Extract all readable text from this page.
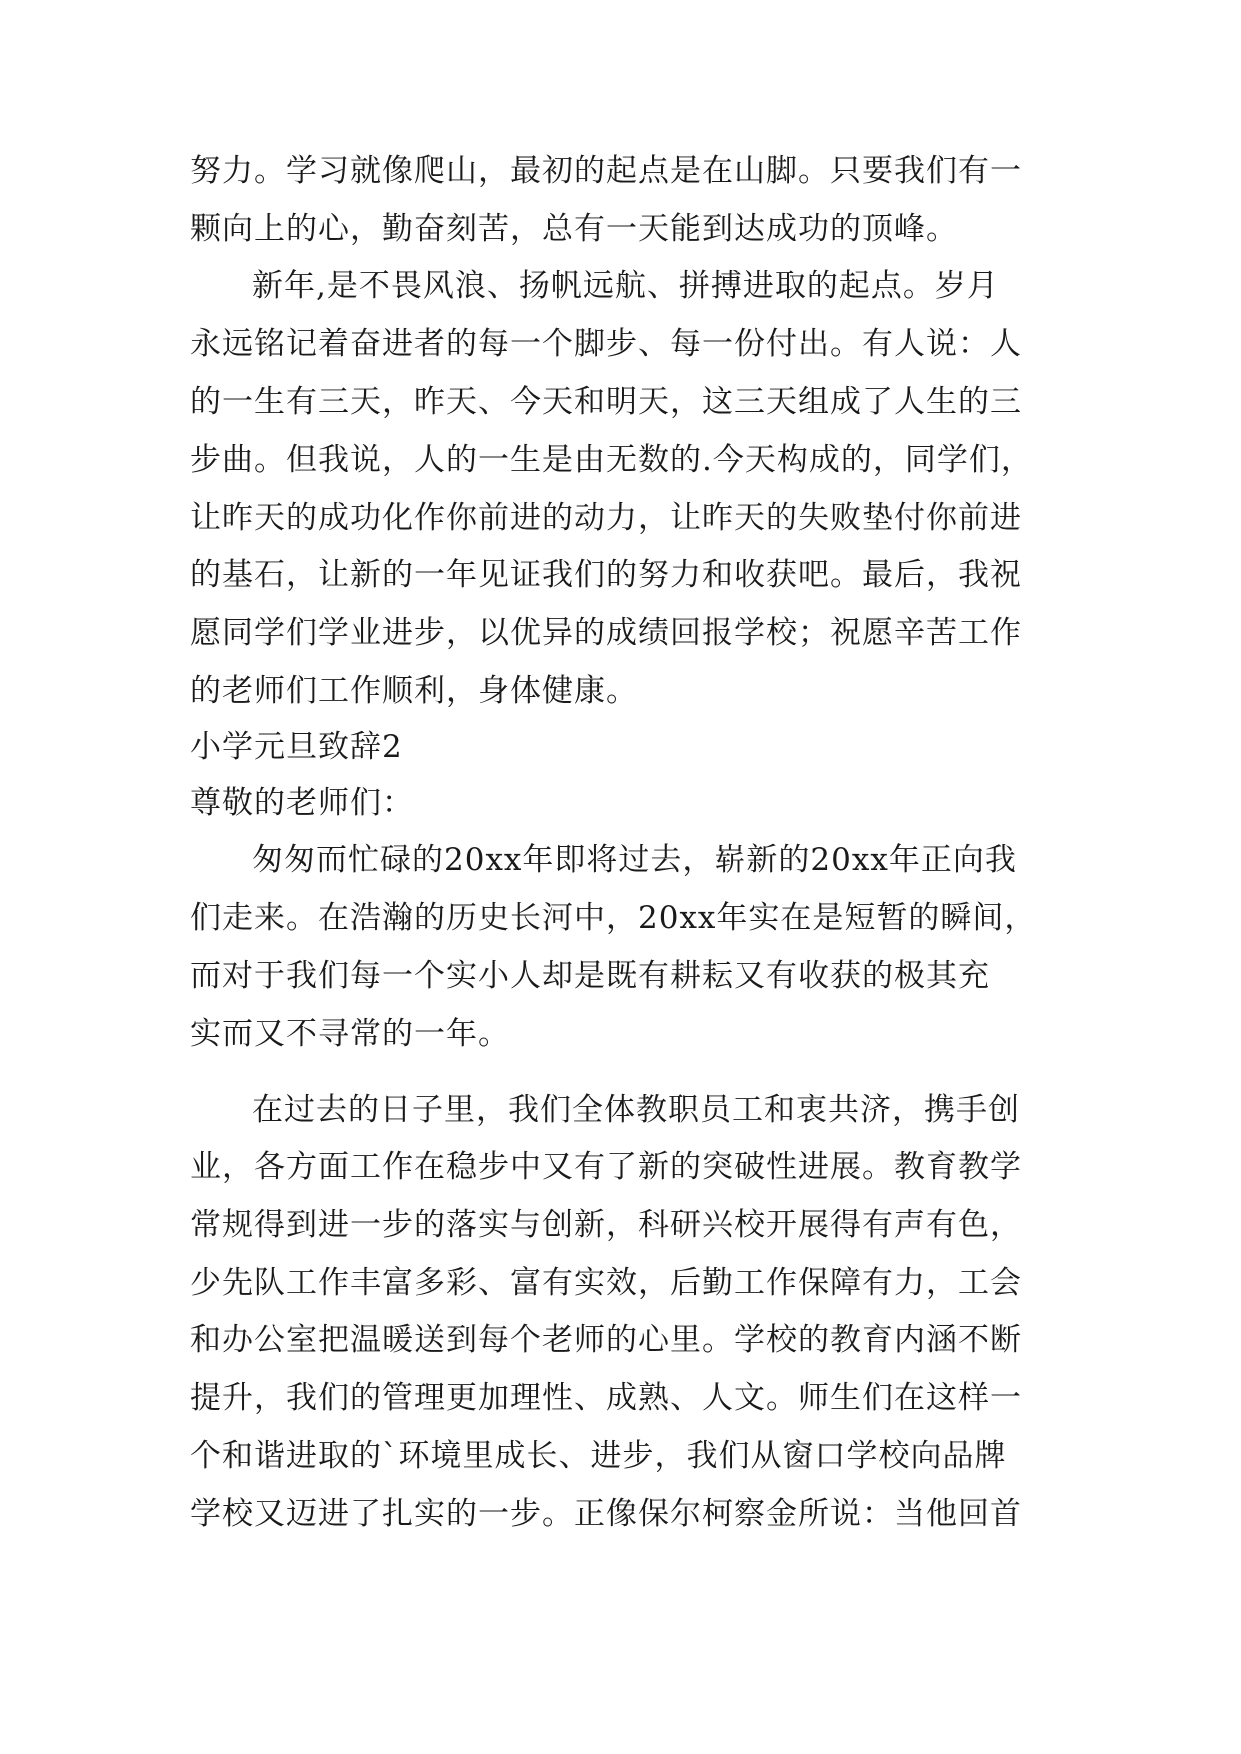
努力。学习就像爬山，最初的起点是在山脚。只要我们有一
颗向上的心，勤奋刻苦，总有一天能到达成功的顶峰。
新年,是不畏风浪、扬帆远航、拼搏进取的起点。岁月
永远铭记着奋进者的每一个脚步、每一份付出。有人说：人
的一生有三天，昨天、今天和明天，这三天组成了人生的三
步曲。但我说，人的一生是由无数的.今天构成的，同学们，
让昨天的成功化作你前进的动力，让昨天的失败垫付你前进
的基石，让新的一年见证我们的努力和收获吧。最后，我祝
愿同学们学业进步，以优异的成绩回报学校；祝愿辛苦工作
的老师们工作顺利，身体健康。
小学元旦致辞2
尊敬的老师们：
匆匆而忙碌的20xx年即将过去，崭新的20xx年正向我
们走来。在浩瀚的历史长河中，20xx年实在是短暂的瞬间，
而对于我们每一个实小人却是既有耕耘又有收获的极其充
实而又不寻常的一年。
在过去的日子里，我们全体教职员工和衷共济，携手创
业，各方面工作在稳步中又有了新的突破性进展。教育教学
常规得到进一步的落实与创新，科研兴校开展得有声有色，
少先队工作丰富多彩、富有实效，后勤工作保障有力，工会
和办公室把温暖送到每个老师的心里。学校的教育内涵不断
提升，我们的管理更加理性、成熟、人文。师生们在这样一
个和谐进取的`环境里成长、进步，我们从窗口学校向品牌
学校又迈进了扎实的一步。正像保尔柯察金所说：当他回首
